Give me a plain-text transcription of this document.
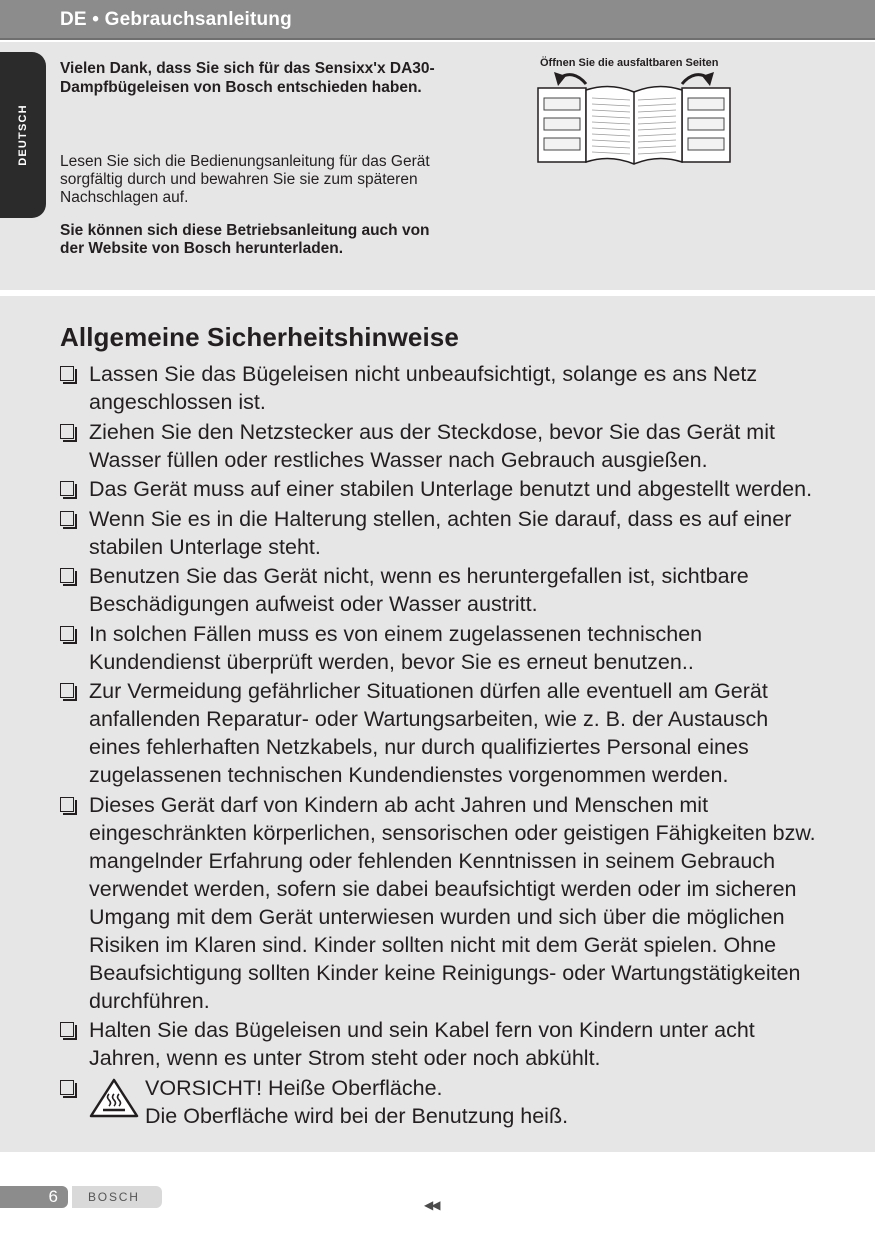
DE • Gebrauchsanleitung
DEUTSCH
Vielen Dank, dass Sie sich für das Sensixx'x DA30-Dampfbügeleisen von Bosch entschieden haben.
Lesen Sie sich die Bedienungsanleitung für das Gerät sorgfältig durch und bewahren Sie sie zum späteren Nachschlagen auf.
Sie können sich diese Betriebsanleitung auch von der Website von Bosch herunterladen.
Öffnen Sie die ausfaltbaren Seiten
Allgemeine Sicherheitshinweise
Lassen Sie das Bügeleisen nicht unbeaufsichtigt, solange es ans Netz angeschlossen ist.
Ziehen Sie den Netzstecker aus der Steckdose, bevor Sie das Gerät mit Wasser füllen oder restliches Wasser nach Gebrauch ausgießen.
Das Gerät muss auf einer stabilen Unterlage benutzt und abgestellt werden.
Wenn Sie es in die Halterung stellen, achten Sie darauf, dass es auf einer stabilen Unterlage steht.
Benutzen Sie das Gerät nicht, wenn es heruntergefallen ist, sichtbare Beschädigungen aufweist oder Wasser austritt.
In solchen Fällen muss es von einem zugelassenen technischen Kundendienst überprüft werden, bevor Sie es erneut benutzen..
Zur Vermeidung gefährlicher Situationen dürfen alle eventuell am Gerät anfallenden Reparatur- oder Wartungsarbeiten, wie z. B. der Austausch eines fehlerhaften Netzkabels, nur durch qualifiziertes Personal eines zugelassenen technischen Kundendienstes vorgenommen werden.
Dieses Gerät darf von Kindern ab acht Jahren und Menschen mit eingeschränkten körperlichen, sensorischen oder geistigen Fähigkeiten bzw. mangelnder Erfahrung oder fehlenden Kenntnissen in seinem Gebrauch verwendet werden, sofern sie dabei beaufsichtigt werden oder im sicheren Umgang mit dem Gerät unterwiesen wurden und sich über die möglichen Risiken im Klaren sind. Kinder sollten nicht mit dem Gerät spielen. Ohne Beaufsichtigung sollten Kinder keine Reinigungs- oder Wartungstätigkeiten durchführen.
Halten Sie das Bügeleisen und sein Kabel fern von Kindern unter acht Jahren, wenn es unter Strom steht oder noch abkühlt.
VORSICHT! Heiße Oberfläche.
Die Oberfläche wird bei der Benutzung heiß.
6	BOSCH
◀◀
